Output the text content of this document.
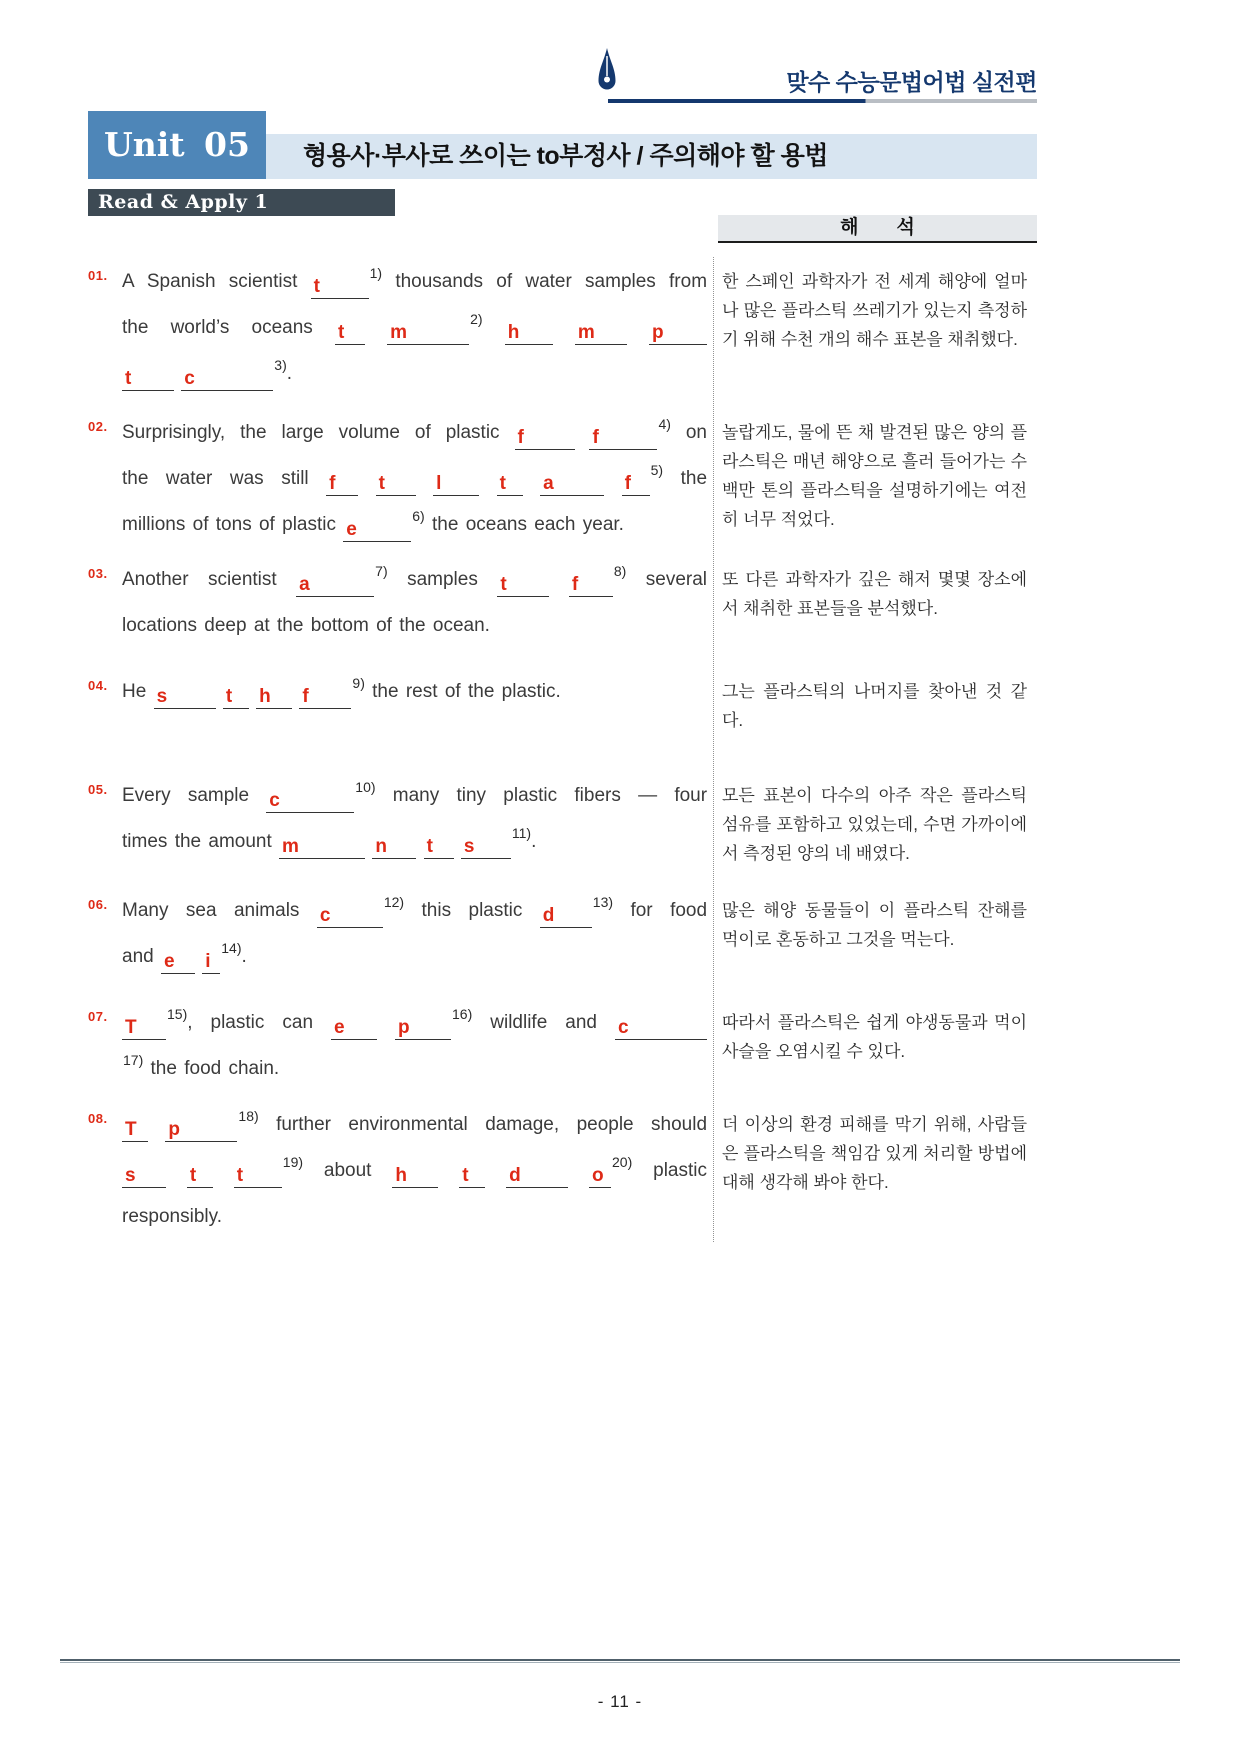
맞수 수능문법어법 실전편
형용사·부사로 쓰이는 to부정사 / 주의해야 할 용법
Unit 05
Read & Apply 1
해  석
01. A Spanish scientist $t^{1)}$ thousands of water samples from
the world’s oceans t $m^{2)}$ h	m	p
t	$c^{3)}$.
한 스페인 과학자가 전 세계 해양에 얼마나 많은 플라스틱 쓰레기가 있는지 측정하기 위해 수천 개의 해수 표본을 채취했다.
02. Surprisingly, the large volume of plastic f	$f^{4)}$ on
the water was still f t	l	t a	$f^{5)}$ the
millions of tons of plastic $e^{6)}$ the oceans each year.
놀랍게도, 물에 뜬 채 발견된 많은 양의 플라스틱은 매년 해양으로 흘러 들어가는 수백만 톤의 플라스틱을 설명하기에는 여전히 너무 적었다.
03. Another scientist $a^{7)}$ samples t	$f^{8)}$ several
locations deep at the bottom of the ocean.
또 다른 과학자가 깊은 해저 몇몇 장소에서 채취한 표본들을 분석했다.
04. He s	t h $f^{9)}$ the rest of the plastic.	그는 플라스틱의 나머지를 찾아낸 것 같다.
05. Every sample $c^{10)}$ many tiny plastic fibers — four
times the amount m	n t $s^{11)}$.
모든 표본이 다수의 아주 작은 플라스틱 섬유를 포함하고 있었는데, 수면 가까이에서 측정된 양의 네 배였다.
06. Many sea animals $c^{12)}$ this plastic $d^{13)}$ for food
and e $i^{14)}$.
많은 해양 동물들이 이 플라스틱 잔해를 먹이로 혼동하고 그것을 먹는다.
07.
$T^{15)}$, plastic can e	$p^{16)}$ wildlife and c
$^{17)}$ the food chain.
따라서 플라스틱은 쉽게 야생동물과 먹이사슬을 오염시킬 수 있다.
08.
T $p^{18)}$ further environmental damage, people should
s	t $t^{19)}$ about h	t d	$o^{20)}$ plastic
responsibly.
더 이상의 환경 피해를 막기 위해, 사람들은 플라스틱을 책임감 있게 처리할 방법에 대해 생각해 봐야 한다.
- 11 -
